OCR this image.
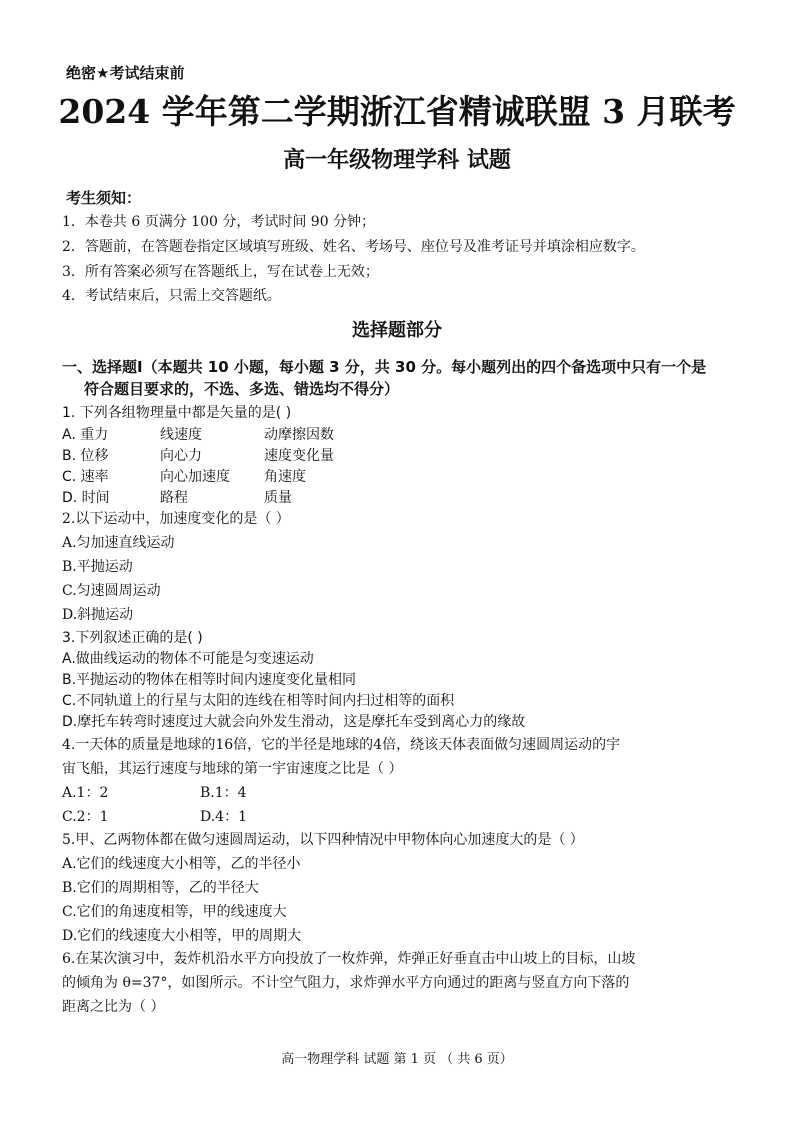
绝密★考试结束前
2024 学年第二学期浙江省精诚联盟 3 月联考
高一年级物理学科 试题
考生须知：
1．本卷共 6 页满分 100 分，考试时间 90 分钟；
2．答题前，在答题卷指定区域填写班级、姓名、考场号、座位号及准考证号并填涂相应数字。
3．所有答案必须写在答题纸上，写在试卷上无效；
4．考试结束后，只需上交答题纸。
选择题部分
一、选择题Ⅰ（本题共 10 小题，每小题 3 分，共 30 分。每小题列出的四个备选项中只有一个是
符合题目要求的，不选、多选、错选均不得分）
1. 下列各组物理量中都是矢量的是( )
A. 重力	线速度	动摩擦因数
B. 位移	向心力	速度变化量
C. 速率	向心加速度 角速度
D. 时间	路程	质量
2.以下运动中，加速度变化的是（ ）
A.匀加速直线运动
B.平抛运动
C.匀速圆周运动
D.斜抛运动
3.下列叙述正确的是( )
A.做曲线运动的物体不可能是匀变速运动
B.平抛运动的物体在相等时间内速度变化量相同
C.不同轨道上的行星与太阳的连线在相等时间内扫过相等的面积
D.摩托车转弯时速度过大就会向外发生滑动，这是摩托车受到离心力的缘故
4.一天体的质量是地球的16倍，它的半径是地球的4倍，绕该天体表面做匀速圆周运动的宇
宙飞船，其运行速度与地球的第一宇宙速度之比是（ ）
A.1：2	B.1：4
C.2：1	D.4：1
5.甲、乙两物体都在做匀速圆周运动，以下四种情况中甲物体向心加速度大的是（ ）
A.它们的线速度大小相等，乙的半径小
B.它们的周期相等，乙的半径大
C.它们的角速度相等，甲的线速度大
D.它们的线速度大小相等，甲的周期大
6.在某次演习中，轰炸机沿水平方向投放了一枚炸弹，炸弹正好垂直击中山坡上的目标，山坡
的倾角为 θ=37°，如图所示。不计空气阻力，求炸弹水平方向通过的距离与竖直方向下落的
距离之比为（ ）
高一物理学科 试题 第 1 页 （ 共 6 页）
